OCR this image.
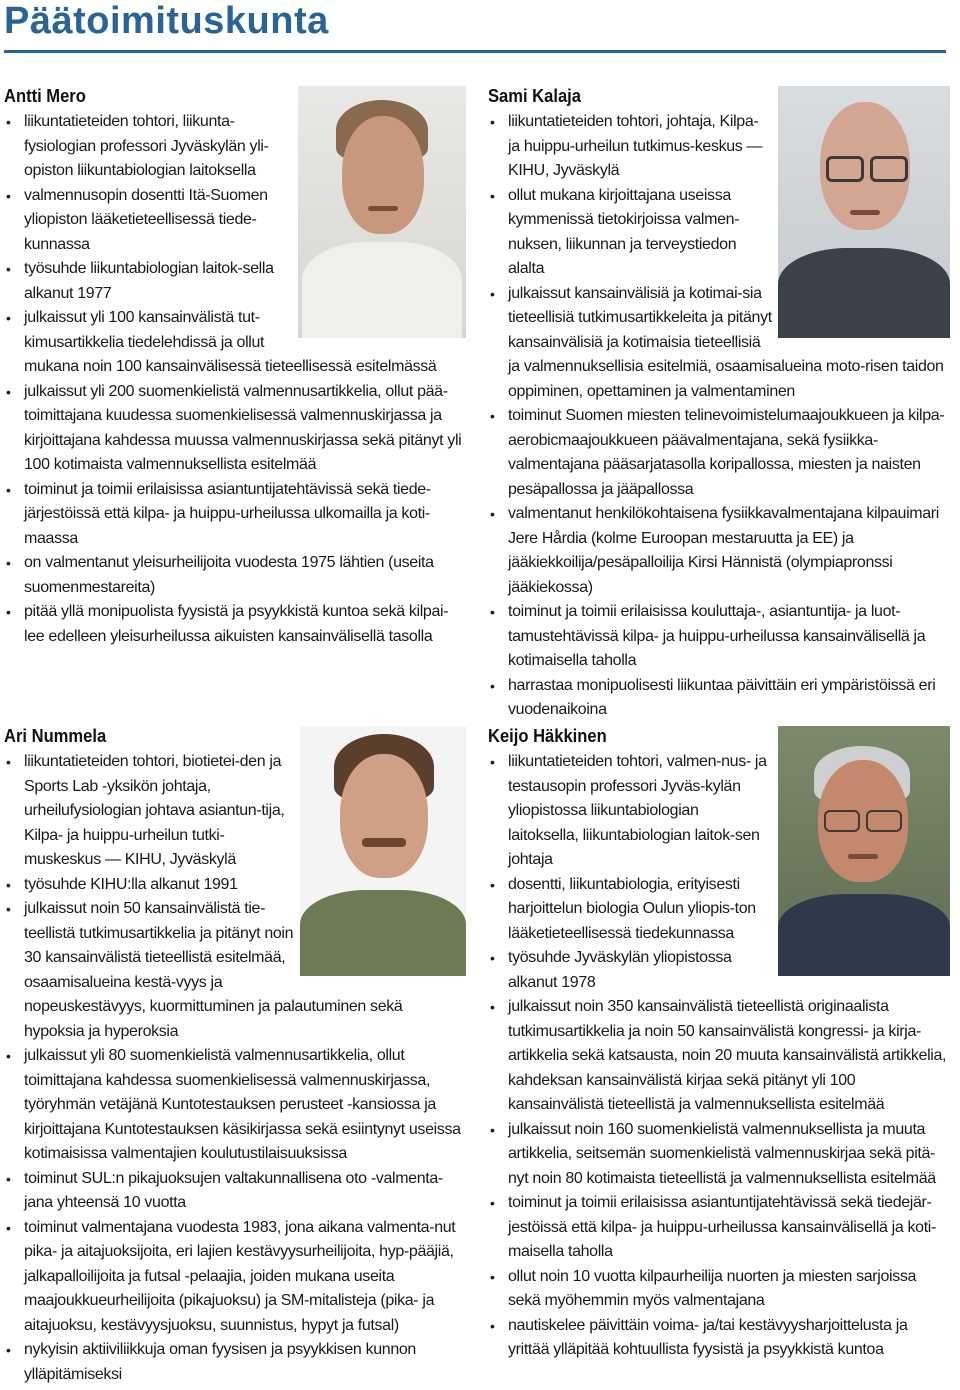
Päätoimituskunta
Antti Mero
• liikuntatieteiden tohtori, liikunta-fysiologian professori Jyväskylän yli-opiston liikuntabiologian laitoksella
• valmennusopin dosentti Itä-Suomen yliopiston lääketieteellisessä tiede-kunnassa
• työsuhde liikuntabiologian laitok-sella alkanut 1977
• julkaissut yli 100 kansainvälistä tut-kimusartikkelia tiedelehdissä ja ollut mukana noin 100 kansainvälisessä tieteellisessä esitelmässä
• julkaissut yli 200 suomenkielistä valmennusartikkelia, ollut pää-toimittajana kuudessa suomenkielisessä valmennuskirjassa ja kirjoittajana kahdessa muussa valmennuskirjassa sekä pitänyt yli 100 kotimaista valmennuksellista esitelmää
• toiminut ja toimii erilaisissa asiantuntijatehtävissä sekä tiede-järjestöissä että kilpa- ja huippu-urheilussa ulkomailla ja koti-maassa
• on valmentanut yleisurheilijoita vuodesta 1975 lähtien (useita suomenmestareita)
• pitää yllä monipuolista fyysistä ja psyykkistä kuntoa sekä kilpai-lee edelleen yleisurheilussa aikuisten kansainvälisellä tasolla
Sami Kalaja
• liikuntatieteiden tohtori, johtaja, Kilpa- ja huippu-urheilun tutkimus-keskus — KIHU, Jyväskylä
• ollut mukana kirjoittajana useissa kymmenissä tietokirjoissa valmen-nuksen, liikunnan ja terveystiedon alalta
• julkaissut kansainvälisiä ja kotimai-sia tieteellisiä tutkimusartikkeleita ja pitänyt kansainvälisiä ja kotimaisia tieteellisiä ja valmennuksellisia esitelmiä, osaamisalueina moto-risen taidon oppiminen, opettaminen ja valmentaminen
• toiminut Suomen miesten telinevoimistelumaajoukkueen ja kilpa-aerobicmaajoukkueen päävalmentajana, sekä fysiikka-valmentajana pääsarjatasolla koripallossa, miesten ja naisten pesäpallossa ja jääpallossa
• valmentanut henkilökohtaisena fysiikkavalmentajana kilpauimari Jere Hårdia (kolme Euroopan mestaruutta ja EE) ja jääkiekkoilija/pesäpalloilija Kirsi Hännistä (olympiapronssi jääkiekossa)
• toiminut ja toimii erilaisissa kouluttaja-, asiantuntija- ja luot-tamustehtävissä kilpa- ja huippu-urheilussa kansainvälisellä ja kotimaisella taholla
• harrastaa monipuolisesti liikuntaa päivittäin eri ympäristöissä eri vuodenaikoina
Ari Nummela
• liikuntatieteiden tohtori, biotietei-den ja Sports Lab -yksikön johtaja, urheilufysiologian johtava asiantun-tija, Kilpa- ja huippu-urheilun tutki-muskeskus — KIHU, Jyväskylä
• työsuhde KIHU:lla alkanut 1991
• julkaissut noin 50 kansainvälistä tie-teellistä tutkimusartikkelia ja pitänyt noin 30 kansainvälistä tieteellistä esitelmää, osaamisalueina kestä-vyys ja nopeuskestävyys, kuormittuminen ja palautuminen sekä hypoksia ja hyperoksia
• julkaissut yli 80 suomenkielistä valmennusartikkelia, ollut toimittajana kahdessa suomenkielisessä valmennuskirjassa, työryhmän vetäjänä Kuntotestauksen perusteet -kansiossa ja kirjoittajana Kuntotestauksen käsikirjassa sekä esiintynyt useissa kotimaisissa valmentajien koulutustilaisuuksissa
• toiminut SUL:n pikajuoksujen valtakunnallisena oto -valmenta-jana yhteensä 10 vuotta
• toiminut valmentajana vuodesta 1983, jona aikana valmenta-nut pika- ja aitajuoksijoita, eri lajien kestävyysurheilijoita, hyp-pääjiä, jalkapalloilijoita ja futsal -pelaajia, joiden mukana useita maajoukkueurheilijoita (pikajuoksu) ja SM-mitalisteja (pika- ja aitajuoksu, kestävyysjuoksu, suunnistus, hypyt ja futsal)
• nykyisin aktiiviliikkuja oman fyysisen ja psyykkisen kunnon ylläpitämiseksi
Keijo Häkkinen
• liikuntatieteiden tohtori, valmen-nus- ja testausopin professori Jyväs-kylän yliopistossa liikuntabiologian laitoksella, liikuntabiologian laitok-sen johtaja
• dosentti, liikuntabiologia, erityisesti harjoittelun biologia Oulun yliopis-ton lääketieteellisessä tiedekunnassa
• työsuhde Jyväskylän yliopistossa alkanut 1978
• julkaissut noin 350 kansainvälistä tieteellistä originaalista tutkimusartikkelia ja noin 50 kansainvälistä kongressi- ja kirja-artikkelia sekä katsausta, noin 20 muuta kansainvälistä artikkelia, kahdeksan kansainvälistä kirjaa sekä pitänyt yli 100 kansainvälistä tieteellistä ja valmennuksellista esitelmää
• julkaissut noin 160 suomenkielistä valmennuksellista ja muuta artikkelia, seitsemän suomenkielistä valmennuskirjaa sekä pitä-nyt noin 80 kotimaista tieteellistä ja valmennuksellista esitelmää
• toiminut ja toimii erilaisissa asiantuntijatehtävissä sekä tiedejär-jestöissä että kilpa- ja huippu-urheilussa kansainvälisellä ja koti-maisella taholla
• ollut noin 10 vuotta kilpaurheilija nuorten ja miesten sarjoissa sekä myöhemmin myös valmentajana
• nautiskelee päivittäin voima- ja/tai kestävyysharjoittelusta ja yrittää ylläpitää kohtuullista fyysistä ja psyykkistä kuntoa
